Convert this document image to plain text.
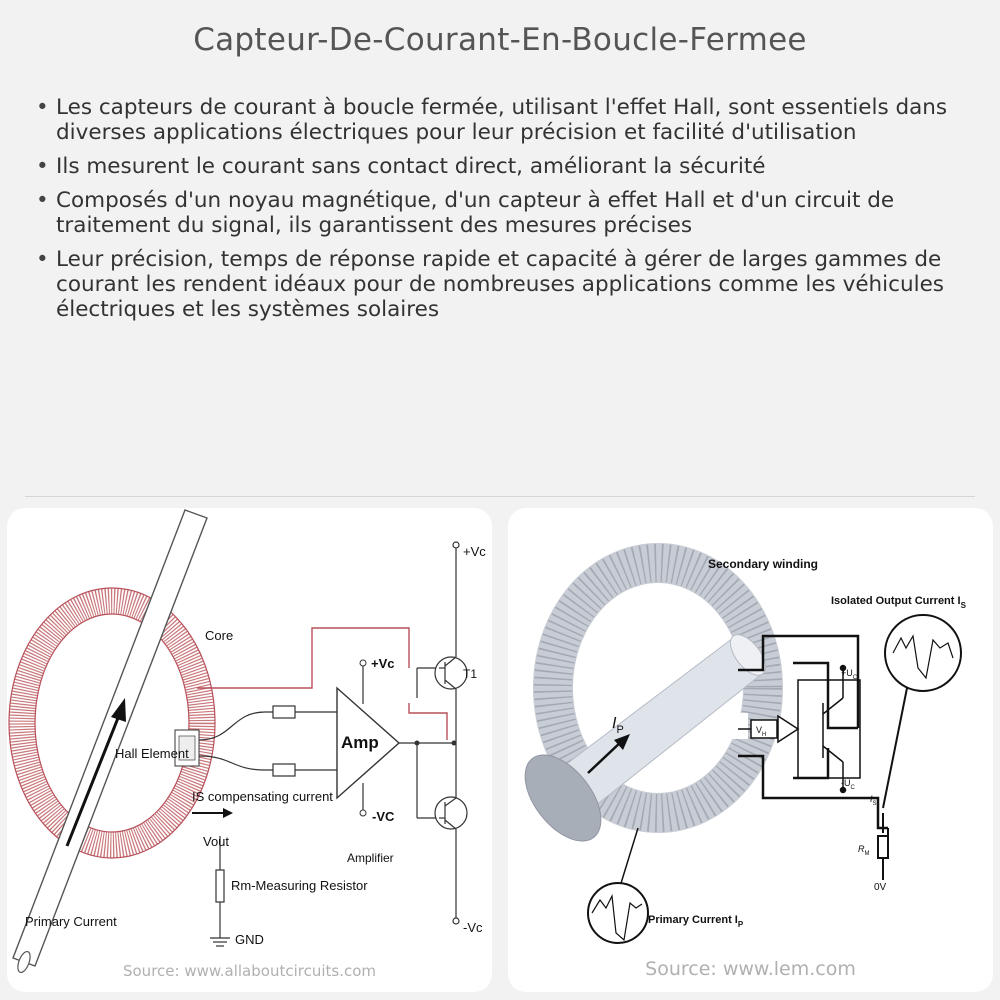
Capteur-De-Courant-En-Boucle-Fermee
• Les capteurs de courant à boucle fermée, utilisant l'effet Hall, sont essentiels dans diverses applications électriques pour leur précision et facilité d'utilisation
• Ils mesurent le courant sans contact direct, améliorant la sécurité
• Composés d'un noyau magnétique, d'un capteur à effet Hall et d'un circuit de traitement du signal, ils garantissent des mesures précises
• Leur précision, temps de réponse rapide et capacité à gérer de larges gammes de courant les rendent idéaux pour de nombreuses applications comme les véhicules électriques et les systèmes solaires
+Vc
Core
+Vc
T1
Amp
Hall Element
IS compensating current
-VC
Vout
Amplifier
Rm-Measuring Resistor
Primary Current
GND
-Vc
Source: www.allaboutcircuits.com
Secondary winding
Isolated Output Current $I_S$
$I_P$	$V_H$
$+U_C$
$-U_C$
$I_S$
$R_M$
0V
Primary Current $I_P$
Source: www.lem.com
